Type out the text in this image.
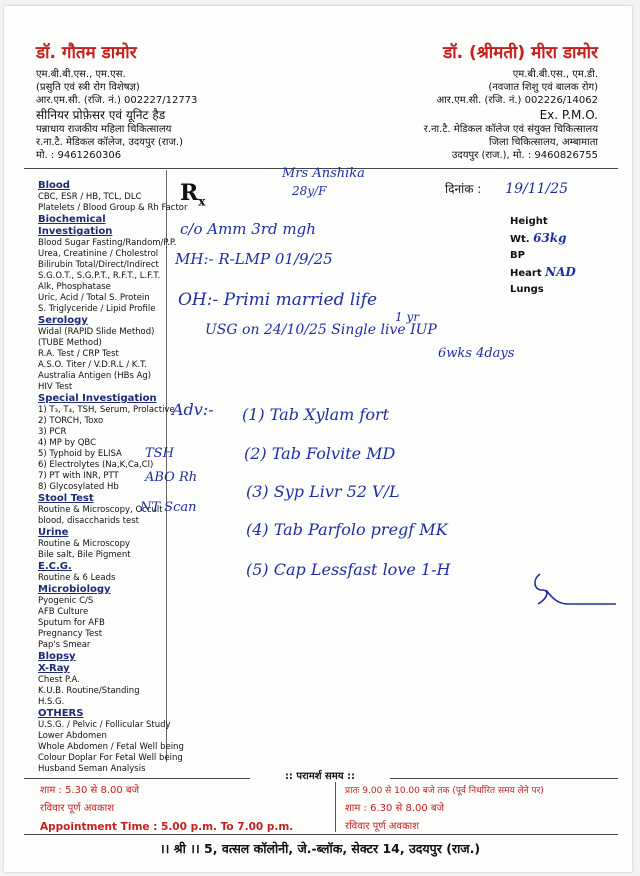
डॉ. गौतम डामोर
एम.बी.बी.एस., एम.एस.
(प्रसुति एवं स्त्री रोग विशेषज्ञ)
आर.एम.सी. (रजि. नं.) 002227/12773
सीनियर प्रोफ़ेसर एवं यूनिट हैड
पन्नाधाय राजकीय महिला चिकित्सालय
र.ना.टै. मेडिकल कॉलेज, उदयपुर (राज.)
मो. : 9461260306
डॉ. (श्रीमती) मीरा डामोर
एम.बी.बी.एस., एम.डी.
(नवजात शिशु एवं बालक रोग)
आर.एम.सी. (रजि. नं.) 002226/14062
Ex. P.M.O.
र.ना.टै. मेडिकल कॉलेज एवं संयुक्त चिकित्सालय
जिला चिकित्सालय, अम्बामाता
उदयपुर (राज.), मो. : 9460826755
Blood
CBC, ESR / HB, TCL, DLC
Platelets / Blood Group & Rh Factor
Biochemical Investigation
Blood Sugar Fasting/Random/P.P.
Urea, Creatinine / Cholestrol
Bilirubin Total/Direct/Indirect
S.G.O.T., S.G.P.T., R.F.T., L.F.T.
Alk, Phosphatase
Uric, Acid / Total S. Protein
S. Triglyceride / Lipid Profile
Serology
Widal (RAPID Slide Method)
(TUBE Method)
R.A. Test / CRP Test
A.S.O. Titer / V.D.R.L / K.T.
Australia Antigen (HBs Ag)
HIV Test
Special Investigation
1) T₃, T₄, TSH, Serum, Prolactive
2) TORCH, Toxo
3) PCR
4) MP by QBC
5) Typhoid by ELISA
6) Electrolytes (Na,K,Ca,Cl)
7) PT with INR, PTT
8) Glycosylated Hb
Stool Test
Routine & Microscopy, Occult
blood, disaccharids test
Urine
Routine & Microscopy
Bile salt, Bile Pigment
E.C.G.
Routine & 6 Leads
Microbiology
Pyogenic C/S
AFB Culture
Sputum for AFB
Pregnancy Test
Pap's Smear
Blopsy
X-Ray
Chest P.A.
K.U.B. Routine/Standing
H.S.G.
OTHERS
U.S.G. / Pelvic / Follicular Study
Lower Abdomen
Whole Abdomen / Fetal Well being
Colour Doplar For Fetal Well being
Husband Seman Analysis
$R_x$
दिनांक : 19/11/25
Height
Wt. 63kg
BP
Heart NAD
Lungs
Mrs Anshika
28y/F
c/o Amm 3rd mgh
MH:- R-LMP 01/9/25
OH:- Primi married life
1 yr
USG on 24/10/25 Single live IUP
6wks 4days
Adv:-
TSH
ABO Rh
NT Scan
(1) Tab Xylam fort
(2) Tab Folvite MD
(3) Syp Livr 52 V/L
(4) Tab Parfolo pregf MK
(5) Cap Lessfast love 1-H
:: परामर्श समय ::
शाम : 5.30 से 8.00 बजे
रविवार पूर्ण अवकाश
Appointment Time : 5.00 p.m. To 7.00 p.m.
प्रातः 9.00 से 10.00 बजे तक (पूर्व निर्धारित समय लेने पर)
शाम : 6.30 से 8.00 बजे
रविवार पूर्ण अवकाश
।। श्री ।। 5, वत्सल कॉलोनी, जे.-ब्लॉक, सेक्टर 14, उदयपुर (राज.)
